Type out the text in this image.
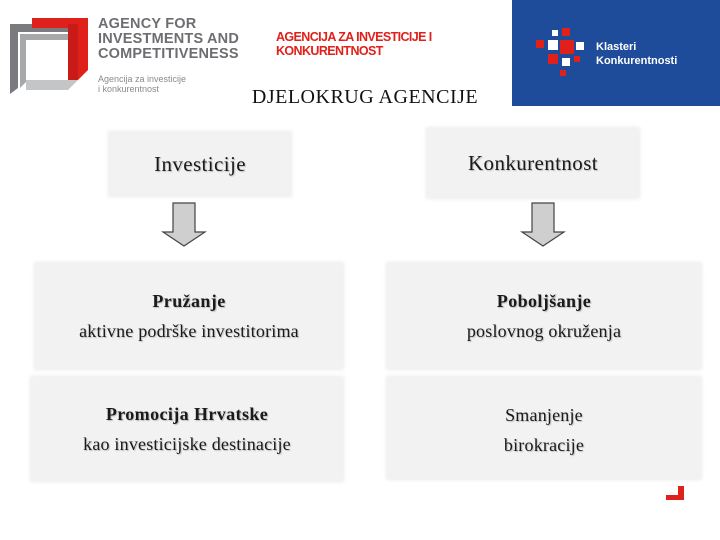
AGENCY FOR
INVESTMENTS AND
COMPETITIVENESS
Agencija za investicije
i konkurentnost
AGENCIJA ZA INVESTICIJE I
KONKURENTNOST	Klasteri
Konkurentnosti
DJELOKRUG AGENCIJE
Investicije	Konkurentnost
Pružanje
aktivne podrške investitorima
Poboljšanje
poslovnog okruženja
Promocija Hrvatske
kao investicijske destinacije
Smanjenje
birokracije
